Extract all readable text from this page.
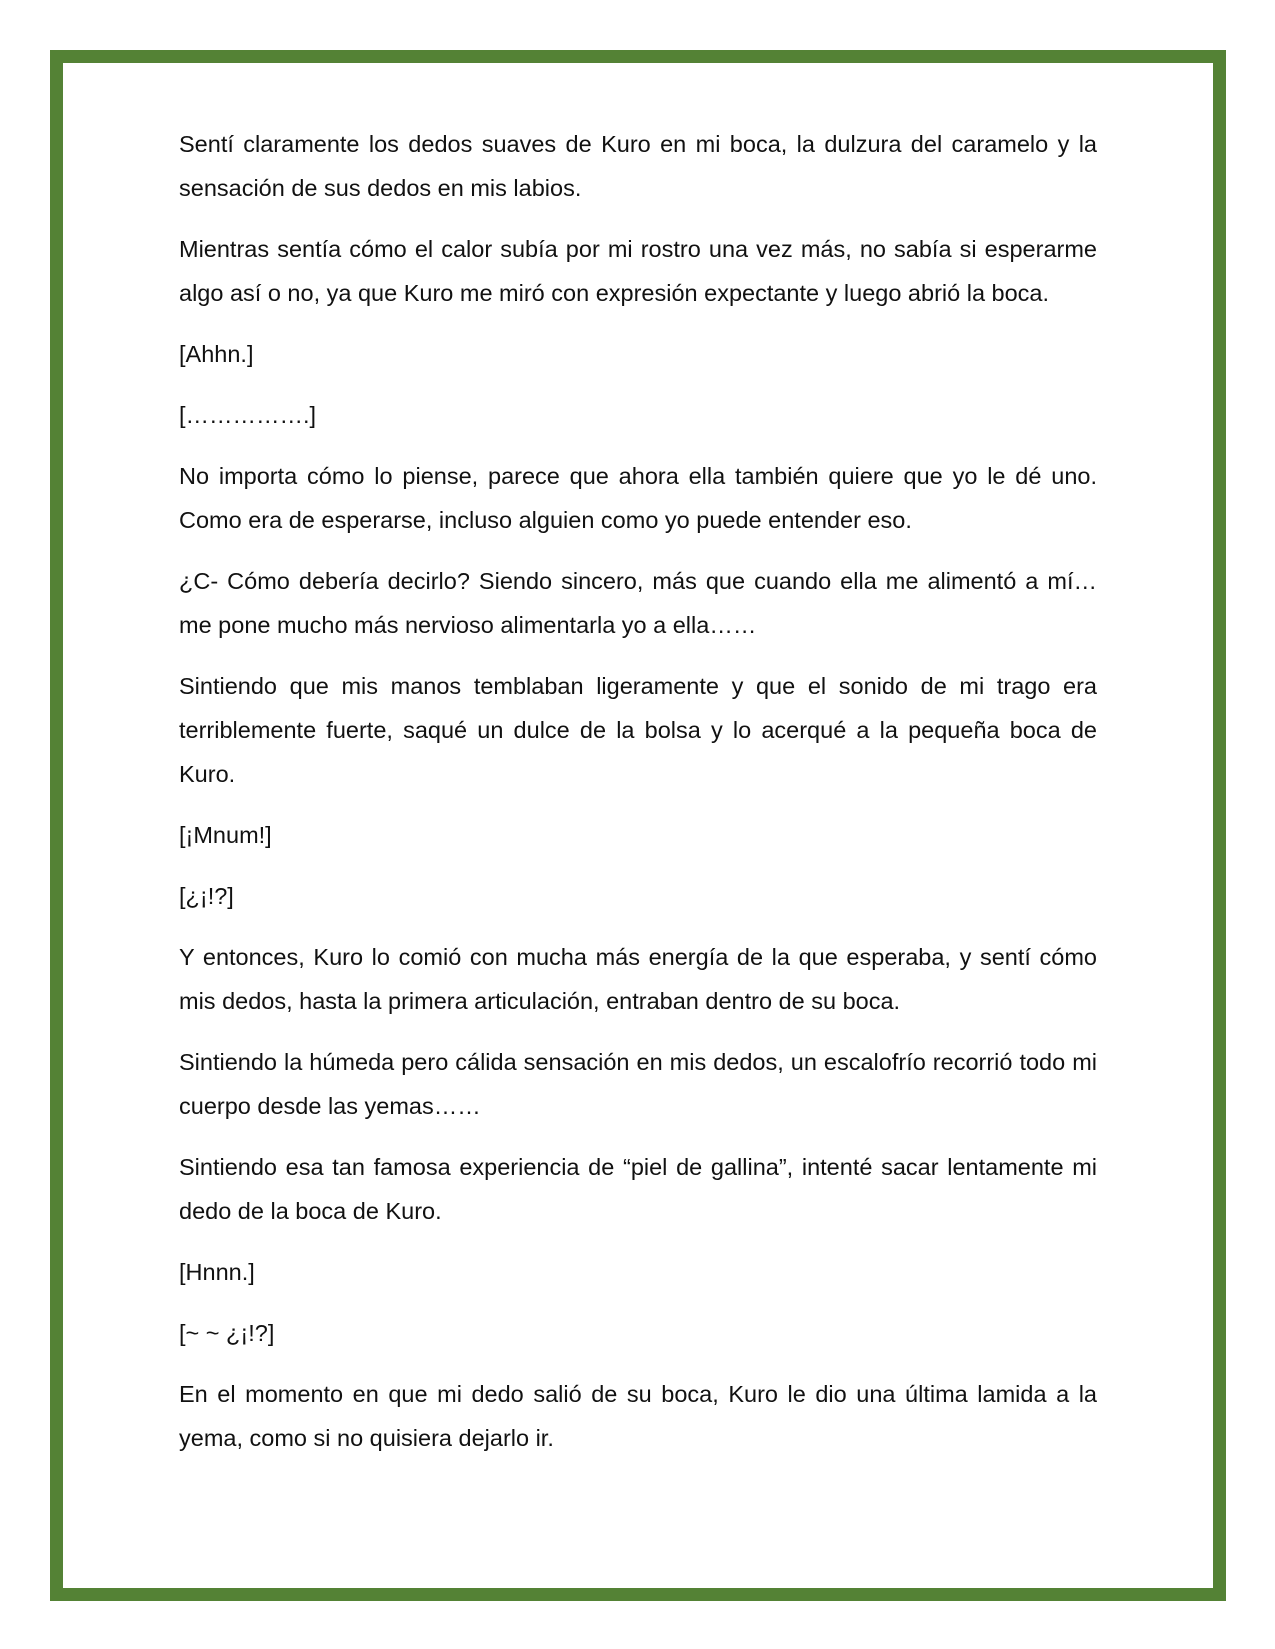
Sentí claramente los dedos suaves de Kuro en mi boca, la dulzura del caramelo y la sensación de sus dedos en mis labios.

Mientras sentía cómo el calor subía por mi rostro una vez más, no sabía si esperarme algo así o no, ya que Kuro me miró con expresión expectante y luego abrió la boca.

[Ahhn.]

[…………….]

No importa cómo lo piense, parece que ahora ella también quiere que yo le dé uno. Como era de esperarse, incluso alguien como yo puede entender eso.

¿C- Cómo debería decirlo? Siendo sincero, más que cuando ella me alimentó a mí… me pone mucho más nervioso alimentarla yo a ella……

Sintiendo que mis manos temblaban ligeramente y que el sonido de mi trago era terriblemente fuerte, saqué un dulce de la bolsa y lo acerqué a la pequeña boca de Kuro.

[¡Mnum!]

[¿¡!?]

Y entonces, Kuro lo comió con mucha más energía de la que esperaba, y sentí cómo mis dedos, hasta la primera articulación, entraban dentro de su boca.

Sintiendo la húmeda pero cálida sensación en mis dedos, un escalofrío recorrió todo mi cuerpo desde las yemas……

Sintiendo esa tan famosa experiencia de “piel de gallina”, intenté sacar lentamente mi dedo de la boca de Kuro.

[Hnnn.]

[~ ~ ¿¡!?]

En el momento en que mi dedo salió de su boca, Kuro le dio una última lamida a la yema, como si no quisiera dejarlo ir.
